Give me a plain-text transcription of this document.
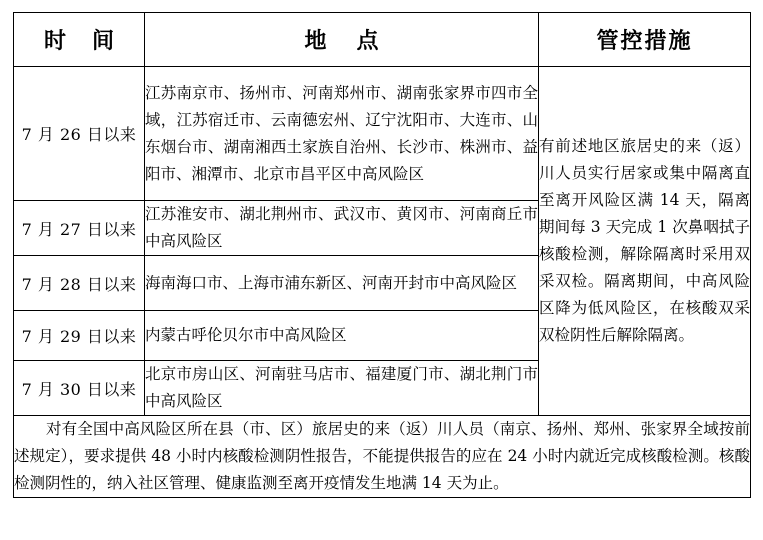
时间	地点	管控措施
7 月 26 日以来	江苏南京市、扬州市、河南郑州市、湖南张家界市四市全域，江苏宿迁市、云南德宏州、辽宁沈阳市、大连市、山东烟台市、湖南湘西土家族自治州、长沙市、株洲市、益阳市、湘潭市、北京市昌平区中高风险区	有前述地区旅居史的来（返）川人员实行居家或集中隔离直至离开风险区满 14 天，隔离期间每 3 天完成 1 次鼻咽拭子核酸检测，解除隔离时采用双采双检。隔离期间，中高风险区降为低风险区，在核酸双采双检阴性后解除隔离。
7 月 27 日以来	江苏淮安市、湖北荆州市、武汉市、黄冈市、河南商丘市中高风险区	
7 月 28 日以来	海南海口市、上海市浦东新区、河南开封市中高风险区	
7 月 29 日以来	内蒙古呼伦贝尔市中高风险区	
7 月 30 日以来	北京市房山区、河南驻马店市、福建厦门市、湖北荆门市中高风险区	
对有全国中高风险区所在县（市、区）旅居史的来（返）川人员（南京、扬州、郑州、张家界全域按前述规定），要求提供 48 小时内核酸检测阴性报告，不能提供报告的应在 24 小时内就近完成核酸检测。核酸检测阴性的，纳入社区管理、健康监测至离开疫情发生地满 14 天为止。		
